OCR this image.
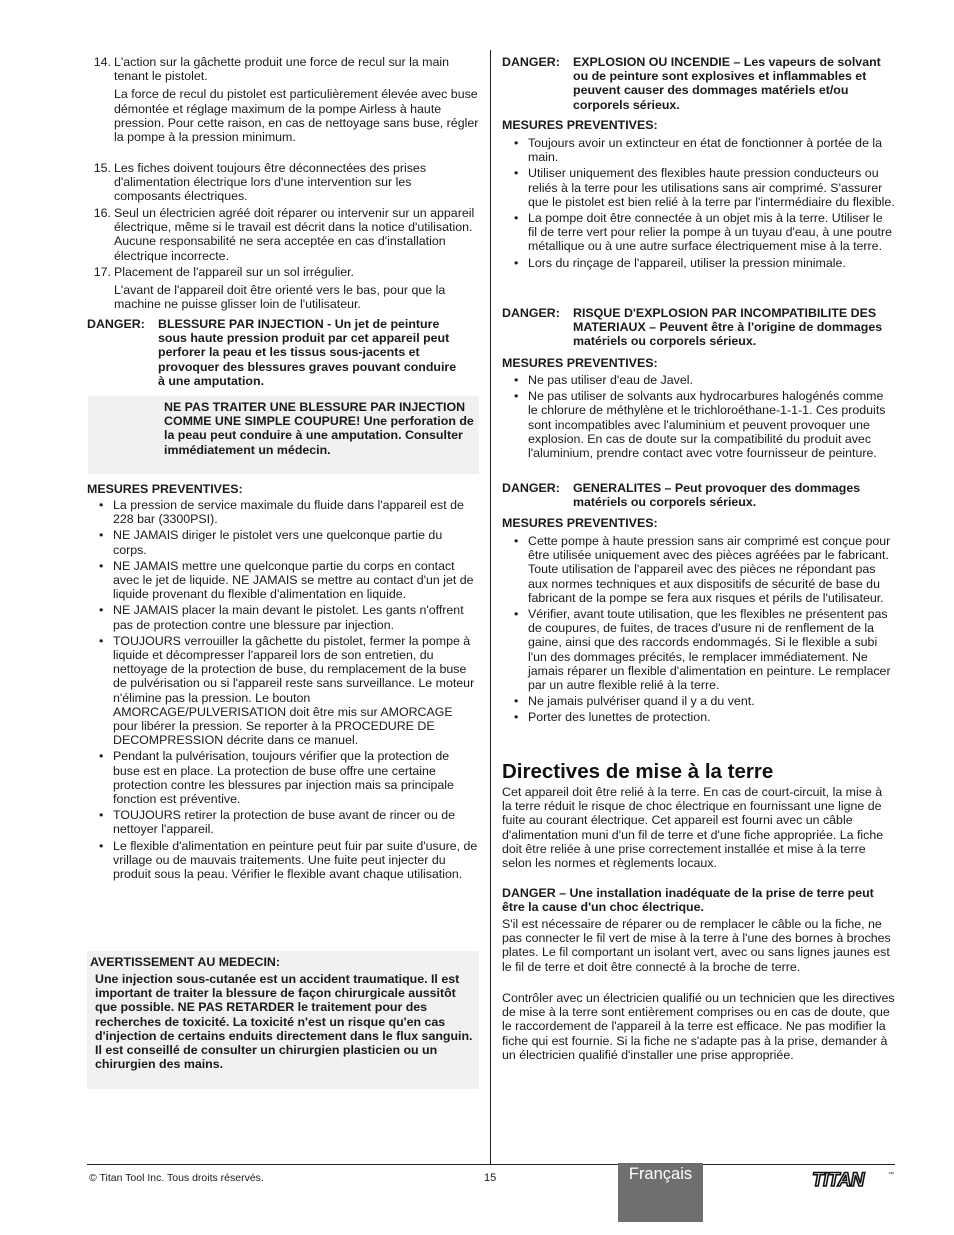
14. L'action sur la gâchette produit une force de recul sur la main tenant le pistolet.

La force de recul du pistolet est particulièrement élevée avec buse démontée et réglage maximum de la pompe Airless à haute pression. Pour cette raison, en cas de nettoyage sans buse, régler la pompe à la pression minimum.

15. Les fiches doivent toujours être déconnectées des prises d'alimentation électrique lors d'une intervention sur les composants électriques.

16. Seul un électricien agréé doit réparer ou intervenir sur un appareil électrique, même si le travail est décrit dans la notice d'utilisation. Aucune responsabilité ne sera acceptée en cas d'installation électrique incorrecte.

17. Placement de l'appareil sur un sol irrégulier.

L'avant de l'appareil doit être orienté vers le bas, pour que la machine ne puisse glisser loin de l'utilisateur.

DANGER:	BLESSURE PAR INJECTION - Un jet de peinture sous haute pression produit par cet appareil peut perforer la peau et les tissus sous-jacents et provoquer des blessures graves pouvant conduire à une amputation.
NE PAS TRAITER UNE BLESSURE PAR INJECTION COMME UNE SIMPLE COUPURE! Une perforation de la peau peut conduire à une amputation. Consulter immédiatement un médecin.
MESURES PREVENTIVES:
• La pression de service maximale du fluide dans l'appareil est de 228 bar (3300PSI).
• NE JAMAIS diriger le pistolet vers une quelconque partie du corps.
• NE JAMAIS mettre une quelconque partie du corps en contact avec le jet de liquide. NE JAMAIS se mettre au contact d'un jet de liquide provenant du flexible d'alimentation en liquide.
• NE JAMAIS placer la main devant le pistolet. Les gants n'offrent pas de protection contre une blessure par injection.
• TOUJOURS verrouiller la gâchette du pistolet, fermer la pompe à liquide et décompresser l'appareil lors de son entretien, du nettoyage de la protection de buse, du remplacement de la buse de pulvérisation ou si l'appareil reste sans surveillance. Le moteur n'élimine pas la pression. Le bouton AMORCAGE/PULVERISATION doit être mis sur AMORCAGE pour libérer la pression. Se reporter à la PROCEDURE DE DECOMPRESSION décrite dans ce manuel.
• Pendant la pulvérisation, toujours vérifier que la protection de buse est en place. La protection de buse offre une certaine protection contre les blessures par injection mais sa principale fonction est préventive.
• TOUJOURS retirer la protection de buse avant de rincer ou de nettoyer l'appareil.
• Le flexible d'alimentation en peinture peut fuir par suite d'usure, de vrillage ou de mauvais traitements. Une fuite peut injecter du produit sous la peau. Vérifier le flexible avant chaque utilisation.
AVERTISSEMENT AU MEDECIN:
Une injection sous-cutanée est un accident traumatique. Il est important de traiter la blessure de façon chirurgicale aussitôt que possible. NE PAS RETARDER le traitement pour des recherches de toxicité. La toxicité n'est un risque qu'en cas d'injection de certains enduits directement dans le flux sanguin. Il est conseillé de consulter un chirurgien plasticien ou un chirurgien des mains.
DANGER:	EXPLOSION OU INCENDIE – Les vapeurs de solvant ou de peinture sont explosives et inflammables et peuvent causer des dommages matériels et/ou corporels sérieux.
MESURES PREVENTIVES:
• Toujours avoir un extincteur en état de fonctionner à portée de la main.
• Utiliser uniquement des flexibles haute pression conducteurs ou reliés à la terre pour les utilisations sans air comprimé. S'assurer que le pistolet est bien relié à la terre par l'intermédiaire du flexible.
• La pompe doit être connectée à un objet mis à la terre. Utiliser le fil de terre vert pour relier la pompe à un tuyau d'eau, à une poutre métallique ou à une autre surface électriquement mise à la terre.
• Lors du rinçage de l'appareil, utiliser la pression minimale.
DANGER:	RISQUE D'EXPLOSION PAR INCOMPATIBILITE DES MATERIAUX – Peuvent être à l'origine de dommages matériels ou corporels sérieux.
MESURES PREVENTIVES:
• Ne pas utiliser d'eau de Javel.
• Ne pas utiliser de solvants aux hydrocarbures halogénés comme le chlorure de méthylène et le trichloroéthane-1-1-1. Ces produits sont incompatibles avec l'aluminium et peuvent provoquer une explosion. En cas de doute sur la compatibilité du produit avec l'aluminium, prendre contact avec votre fournisseur de peinture.
DANGER:	GENERALITES – Peut provoquer des dommages matériels ou corporels sérieux.
MESURES PREVENTIVES:
• Cette pompe à haute pression sans air comprimé est conçue pour être utilisée uniquement avec des pièces agréées par le fabricant. Toute utilisation de l'appareil avec des pièces ne répondant pas aux normes techniques et aux dispositifs de sécurité de base du fabricant de la pompe se fera aux risques et périls de l'utilisateur.
• Vérifier, avant toute utilisation, que les flexibles ne présentent pas de coupures, de fuites, de traces d'usure ni de renflement de la gaine, ainsi que des raccords endommagés. Si le flexible a subi l'un des dommages précités, le remplacer immédiatement. Ne jamais réparer un flexible d'alimentation en peinture. Le remplacer par un autre flexible relié à la terre.
• Ne jamais pulvériser quand il y a du vent.
• Porter des lunettes de protection.
Directives de mise à la terre
Cet appareil doit être relié à la terre. En cas de court-circuit, la mise à la terre réduit le risque de choc électrique en fournissant une ligne de fuite au courant électrique. Cet appareil est fourni avec un câble d'alimentation muni d'un fil de terre et d'une fiche appropriée. La fiche doit être reliée à une prise correctement installée et mise à la terre selon les normes et règlements locaux.
DANGER – Une installation inadéquate de la prise de terre peut être la cause d'un choc électrique.
S'il est nécessaire de réparer ou de remplacer le câble ou la fiche, ne pas connecter le fil vert de mise à la terre à l'une des bornes à broches plates. Le fil comportant un isolant vert, avec ou sans lignes jaunes est le fil de terre et doit être connecté à la broche de terre.
Contrôler avec un électricien qualifié ou un technicien que les directives de mise à la terre sont entièrement comprises ou en cas de doute, que le raccordement de l'appareil à la terre est efficace. Ne pas modifier la fiche qui est fournie. Si la fiche ne s'adapte pas à la prise, demander à un électricien qualifié d'installer une prise appropriée.
© Titan Tool Inc. Tous droits réservés.	15	Français	TITAN	™
